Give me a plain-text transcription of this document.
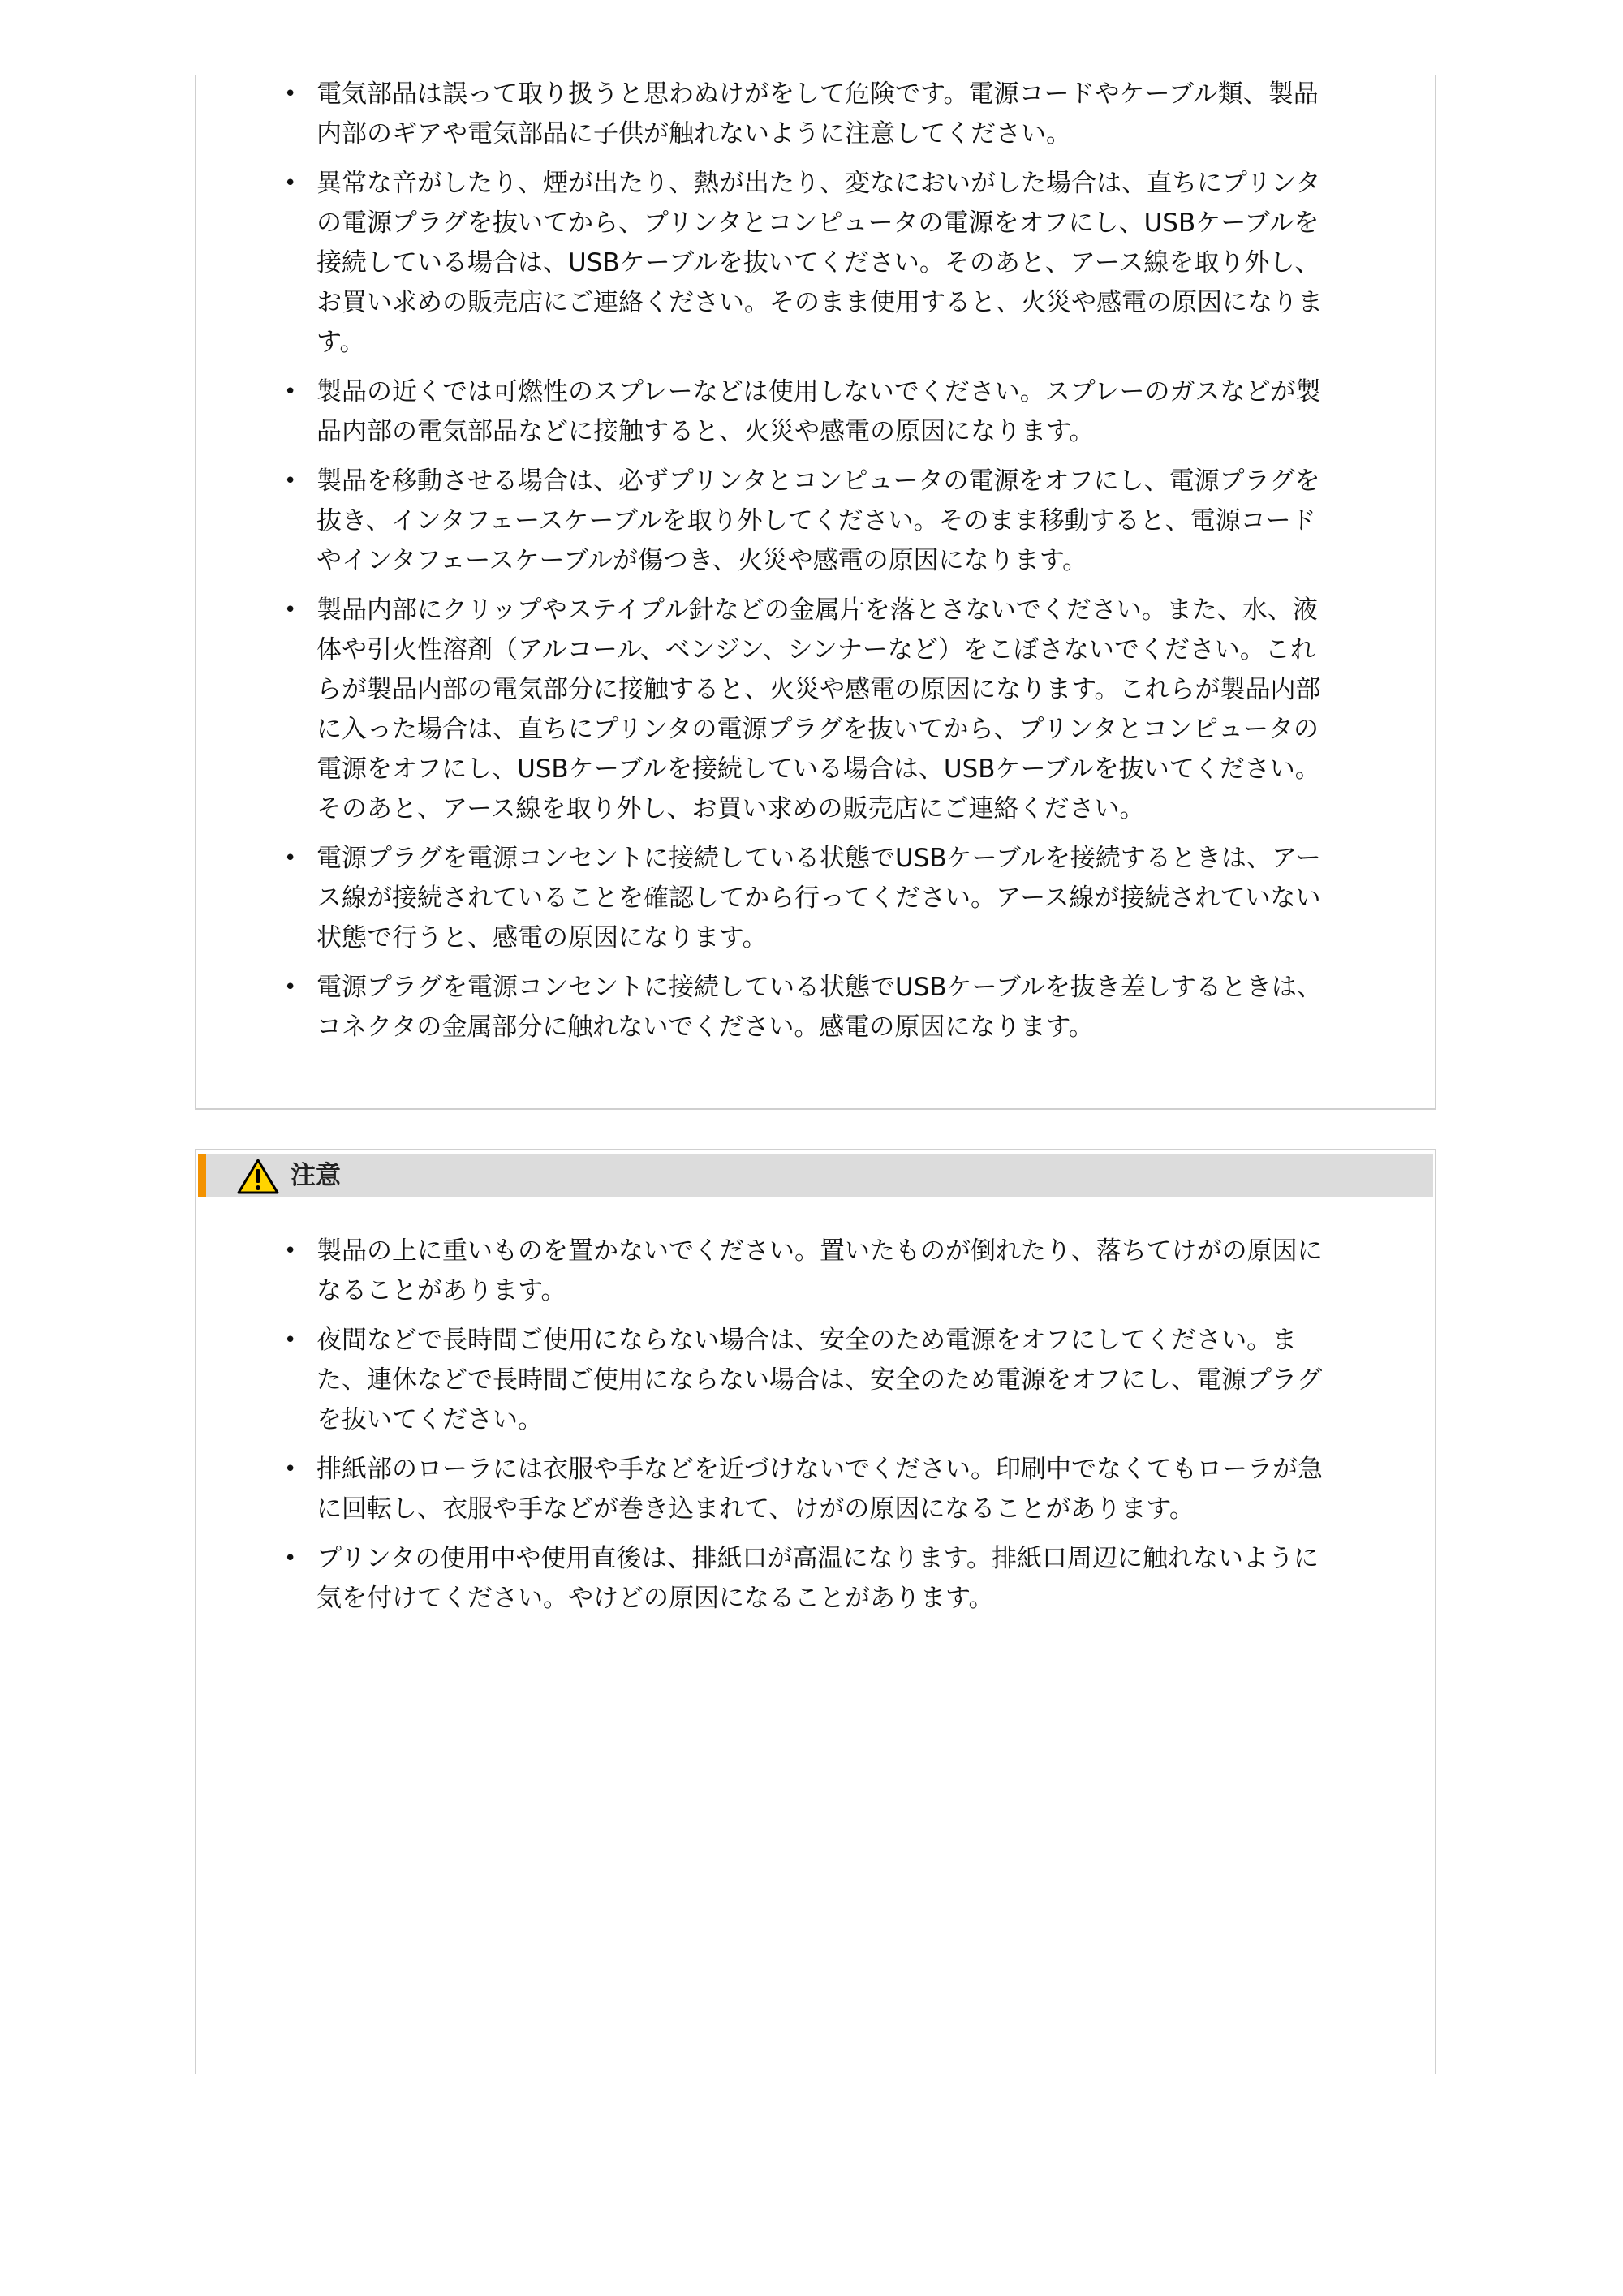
• 電気部品は誤って取り扱うと思わぬけがをして危険です。電源コードやケーブル類、製品内部のギアや電気部品に子供が触れないように注意してください。
• 異常な音がしたり、煙が出たり、熱が出たり、変なにおいがした場合は、直ちにプリンタの電源プラグを抜いてから、プリンタとコンピュータの電源をオフにし、USBケーブルを接続している場合は、USBケーブルを抜いてください。そのあと、アース線を取り外し、お買い求めの販売店にご連絡ください。そのまま使用すると、火災や感電の原因になります。
• 製品の近くでは可燃性のスプレーなどは使用しないでください。スプレーのガスなどが製品内部の電気部品などに接触すると、火災や感電の原因になります。
• 製品を移動させる場合は、必ずプリンタとコンピュータの電源をオフにし、電源プラグを抜き、インタフェースケーブルを取り外してください。そのまま移動すると、電源コードやインタフェースケーブルが傷つき、火災や感電の原因になります。
• 製品内部にクリップやステイプル針などの金属片を落とさないでください。また、水、液体や引火性溶剤（アルコール、ベンジン、シンナーなど）をこぼさないでください。これらが製品内部の電気部分に接触すると、火災や感電の原因になります。これらが製品内部に入った場合は、直ちにプリンタの電源プラグを抜いてから、プリンタとコンピュータの電源をオフにし、USBケーブルを接続している場合は、USBケーブルを抜いてください。そのあと、アース線を取り外し、お買い求めの販売店にご連絡ください。
• 電源プラグを電源コンセントに接続している状態でUSBケーブルを接続するときは、アース線が接続されていることを確認してから行ってください。アース線が接続されていない状態で行うと、感電の原因になります。
• 電源プラグを電源コンセントに接続している状態でUSBケーブルを抜き差しするときは、コネクタの金属部分に触れないでください。感電の原因になります。
注意
• 製品の上に重いものを置かないでください。置いたものが倒れたり、落ちてけがの原因になることがあります。
• 夜間などで長時間ご使用にならない場合は、安全のため電源をオフにしてください。また、連休などで長時間ご使用にならない場合は、安全のため電源をオフにし、電源プラグを抜いてください。
• 排紙部のローラには衣服や手などを近づけないでください。印刷中でなくてもローラが急に回転し、衣服や手などが巻き込まれて、けがの原因になることがあります。
• プリンタの使用中や使用直後は、排紙口が高温になります。排紙口周辺に触れないように気を付けてください。やけどの原因になることがあります。
